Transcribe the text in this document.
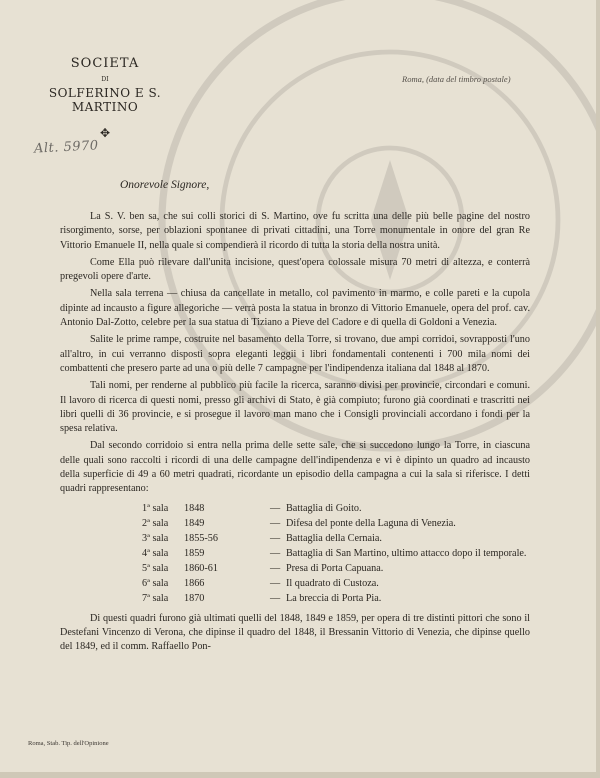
SOCIETA
DI
SOLFERINO E S. MARTINO
✥
Roma, (data del timbro postale)
Alt. 5970
Onorevole Signore,

La S. V. ben sa, che sui colli storici di S. Martino, ove fu scritta una delle più belle pagine del nostro risorgimento, sorse, per oblazioni spontanee di privati cittadini, una Torre monumentale in onore del gran Re Vittorio Emanuele II, nella quale si compendierà il ricordo di tutta la storia della nostra unità.

Come Ella può rilevare dall'unita incisione, quest'opera colossale misura 70 metri di altezza, e conterrà pregevoli opere d'arte.

Nella sala terrena — chiusa da cancellate in metallo, col pavimento in marmo, e colle pareti e la cupola dipinte ad incausto a figure allegoriche — verrà posta la statua in bronzo di Vittorio Emanuele, opera del prof. cav. Antonio Dal-Zotto, celebre per la sua statua di Tiziano a Pieve del Cadore e di quella di Goldoni a Venezia.

Salite le prime rampe, costruite nel basamento della Torre, si trovano, due ampi corridoi, sovrapposti l'uno all'altro, in cui verranno disposti sopra eleganti leggii i libri fondamentali contenenti i 700 mila nomi dei combattenti che presero parte ad una o più delle 7 campagne per l'indipendenza italiana dal 1848 al 1870.

Tali nomi, per renderne al pubblico più facile la ricerca, saranno divisi per provincie, circondari e comuni. Il lavoro di ricerca di questi nomi, presso gli archivi di Stato, è già compiuto; furono già coordinati e trascritti nei libri quelli di 36 provincie, e si prosegue il lavoro man mano che i Consigli provinciali accordano i fondi per la spesa relativa.

Dal secondo corridoio si entra nella prima delle sette sale, che si succedono lungo la Torre, in ciascuna delle quali sono raccolti i ricordi di una delle campagne dell'indipendenza e vi è dipinto un quadro ad incausto della superficie di 49 a 60 metri quadrati, ricordante un episodio della campagna a cui la sala si riferisce. I detti quadri rappresentano:

1ª sala	1848	— Battaglia di Goito.
2ª sala	1849	— Difesa del ponte della Laguna di Venezia.
3ª sala	1855-56	— Battaglia della Cernaia.
4ª sala	1859	— Battaglia di San Martino, ultimo attacco dopo il temporale.
5ª sala	1860-61	— Presa di Porta Capuana.
6ª sala	1866	— Il quadrato di Custoza.
7ª sala	1870	— La breccia di Porta Pia.

Di questi quadri furono già ultimati quelli del 1848, 1849 e 1859, per opera di tre distinti pittori che sono il Destefani Vincenzo di Verona, che dipinse il quadro del 1848, il Bressanin Vittorio di Venezia, che dipinse quello del 1849, ed il comm. Raffaello Pon-

Roma, Stab. Tip. dell'Opinione
